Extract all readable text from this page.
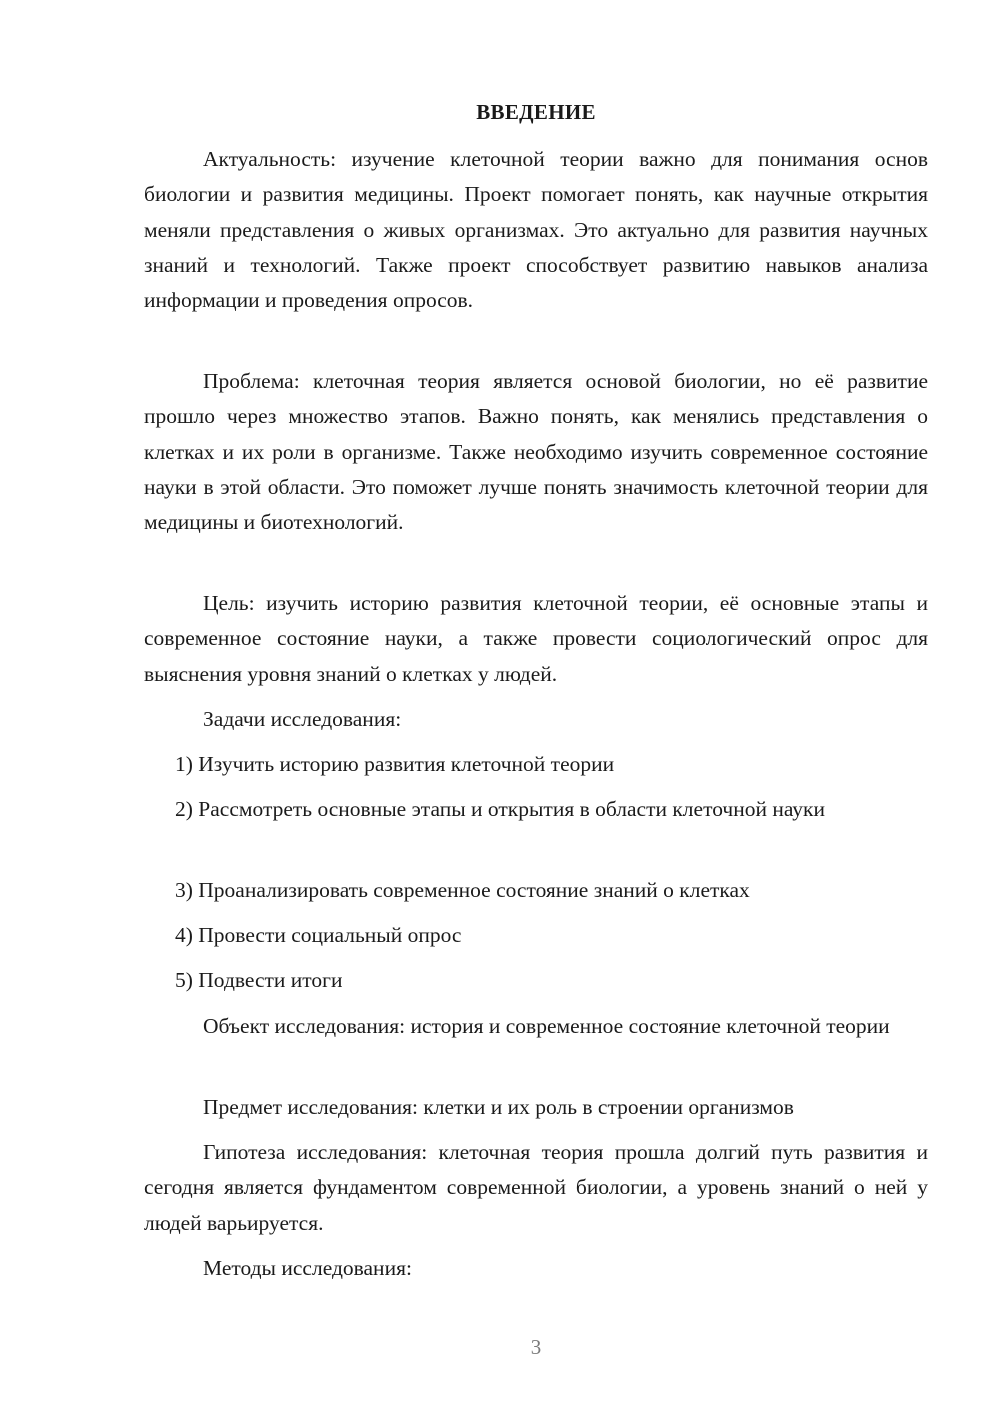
ВВЕДЕНИЕ

Актуальность: изучение клеточной теории важно для понимания основ биологии и развития медицины. Проект помогает понять, как научные открытия меняли представления о живых организмах. Это актуально для развития научных знаний и технологий. Также проект способствует развитию навыков анализа информации и проведения опросов.

Проблема: клеточная теория является основой биологии, но её развитие прошло через множество этапов. Важно понять, как менялись представления о клетках и их роли в организме. Также необходимо изучить современное состояние науки в этой области. Это поможет лучше понять значимость клеточной теории для медицины и биотехнологий.

Цель: изучить историю развития клеточной теории, её основные этапы и современное состояние науки, а также провести социологический опрос для выяснения уровня знаний о клетках у людей.

Задачи исследования:

1) Изучить историю развития клеточной теории

2) Рассмотреть основные этапы и открытия в области клеточной науки

3) Проанализировать современное состояние знаний о клетках

4) Провести социальный опрос

5) Подвести итоги

Объект исследования: история и современное состояние клеточной теории

Предмет исследования: клетки и их роль в строении организмов

Гипотеза исследования: клеточная теория прошла долгий путь развития и сегодня является фундаментом современной биологии, а уровень знаний о ней у людей варьируется.

Методы исследования:

3
